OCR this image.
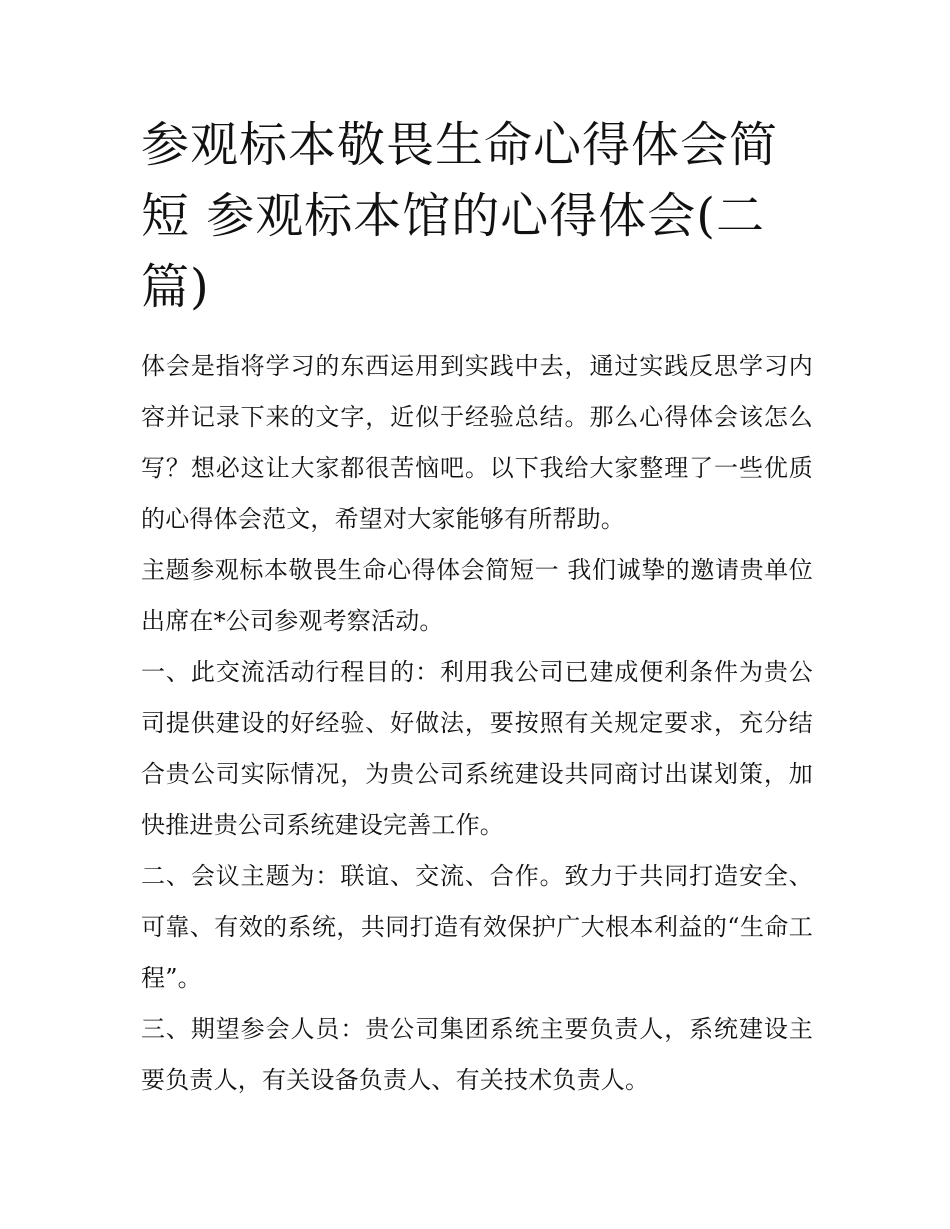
参观标本敬畏生命心得体会简短 参观标本馆的心得体会(二篇)

体会是指将学习的东西运用到实践中去，通过实践反思学习内容并记录下来的文字，近似于经验总结。那么心得体会该怎么写？想必这让大家都很苦恼吧。以下我给大家整理了一些优质的心得体会范文，希望对大家能够有所帮助。

主题参观标本敬畏生命心得体会简短一 我们诚挚的邀请贵单位出席在*公司参观考察活动。

一、此交流活动行程目的：利用我公司已建成便利条件为贵公司提供建设的好经验、好做法，要按照有关规定要求，充分结合贵公司实际情况，为贵公司系统建设共同商讨出谋划策，加快推进贵公司系统建设完善工作。

二、会议主题为：联谊、交流、合作。致力于共同打造安全、可靠、有效的系统，共同打造有效保护广大根本利益的“生命工程”。

三、期望参会人员：贵公司集团系统主要负责人，系统建设主要负责人，有关设备负责人、有关技术负责人。
